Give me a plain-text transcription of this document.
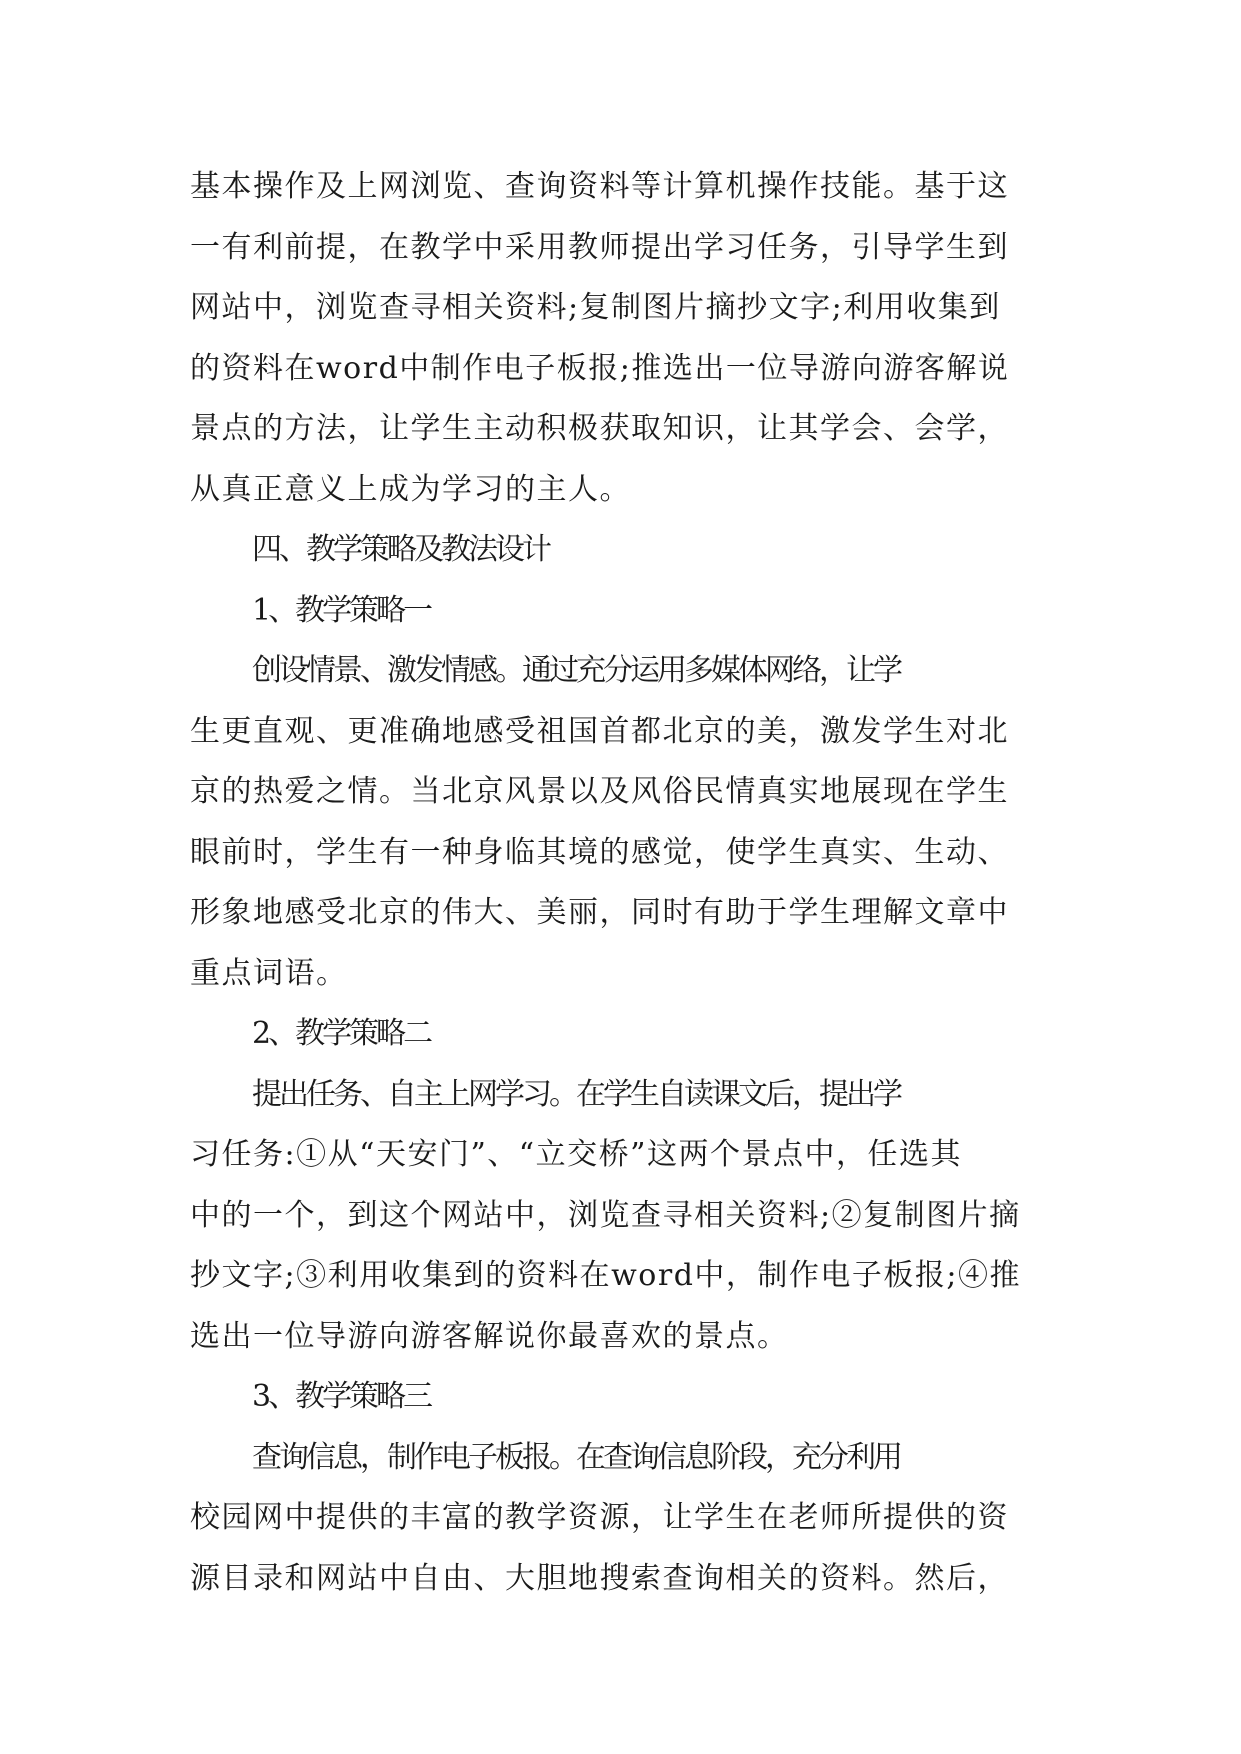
基本操作及上网浏览、查询资料等计算机操作技能。基于这
一有利前提，在教学中采用教师提出学习任务，引导学生到
网站中，浏览查寻相关资料;复制图片摘抄文字;利用收集到
的资料在word中制作电子板报;推选出一位导游向游客解说
景点的方法，让学生主动积极获取知识，让其学会、会学，
从真正意义上成为学习的主人。
四、教学策略及教法设计
1、教学策略一
创设情景、激发情感。通过充分运用多媒体网络，让学
生更直观、更准确地感受祖国首都北京的美，激发学生对北
京的热爱之情。当北京风景以及风俗民情真实地展现在学生
眼前时，学生有一种身临其境的感觉，使学生真实、生动、
形象地感受北京的伟大、美丽，同时有助于学生理解文章中
重点词语。
2、教学策略二
提出任务、自主上网学习。在学生自读课文后，提出学
习任务:①从“天安门”、“立交桥”这两个景点中，任选其
中的一个，到这个网站中，浏览查寻相关资料;②复制图片摘
抄文字;③利用收集到的资料在word中，制作电子板报;④推
选出一位导游向游客解说你最喜欢的景点。
3、教学策略三
查询信息，制作电子板报。在查询信息阶段，充分利用
校园网中提供的丰富的教学资源，让学生在老师所提供的资
源目录和网站中自由、大胆地搜索查询相关的资料。然后，
